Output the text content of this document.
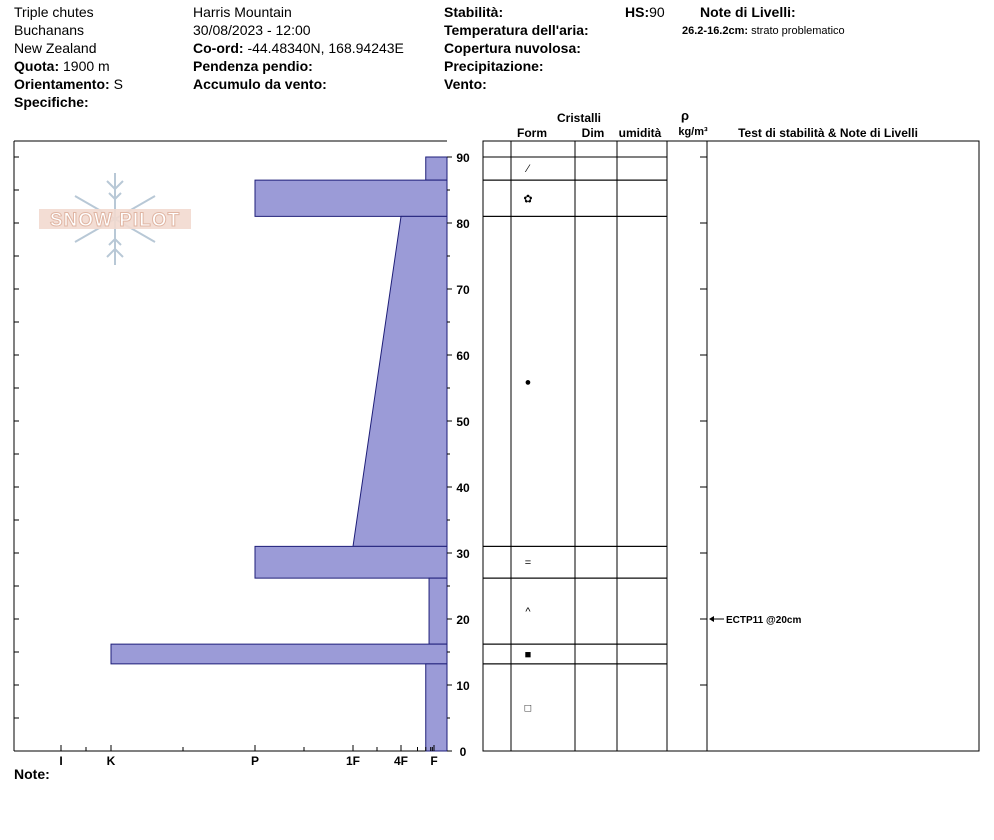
Triple chutes
Buchanans
New Zealand
Quota: 1900 m
Orientamento: S
Specifiche:
Harris Mountain
30/08/2023 - 12:00
Co-ord: -44.48340N, 168.94243E
Pendenza pendio:
Accumulo da vento:
Stabilità:
Temperatura dell'aria:
Copertura nuvolosa:
Precipitazione:
Vento:
HS:90	Note di Livelli:
26.2-16.2cm: strato problematico
SNOW PILOT
0
10
20
30
40
50
60
70
80
90
I	K	P	1F	4F F
⁄
✿
●
=
^
■
□
ECTP11 @20cm
Cristalli
Form	Dim umidità
ρ
kg/m³	Test di stabilità & Note di Livelli
Note:
